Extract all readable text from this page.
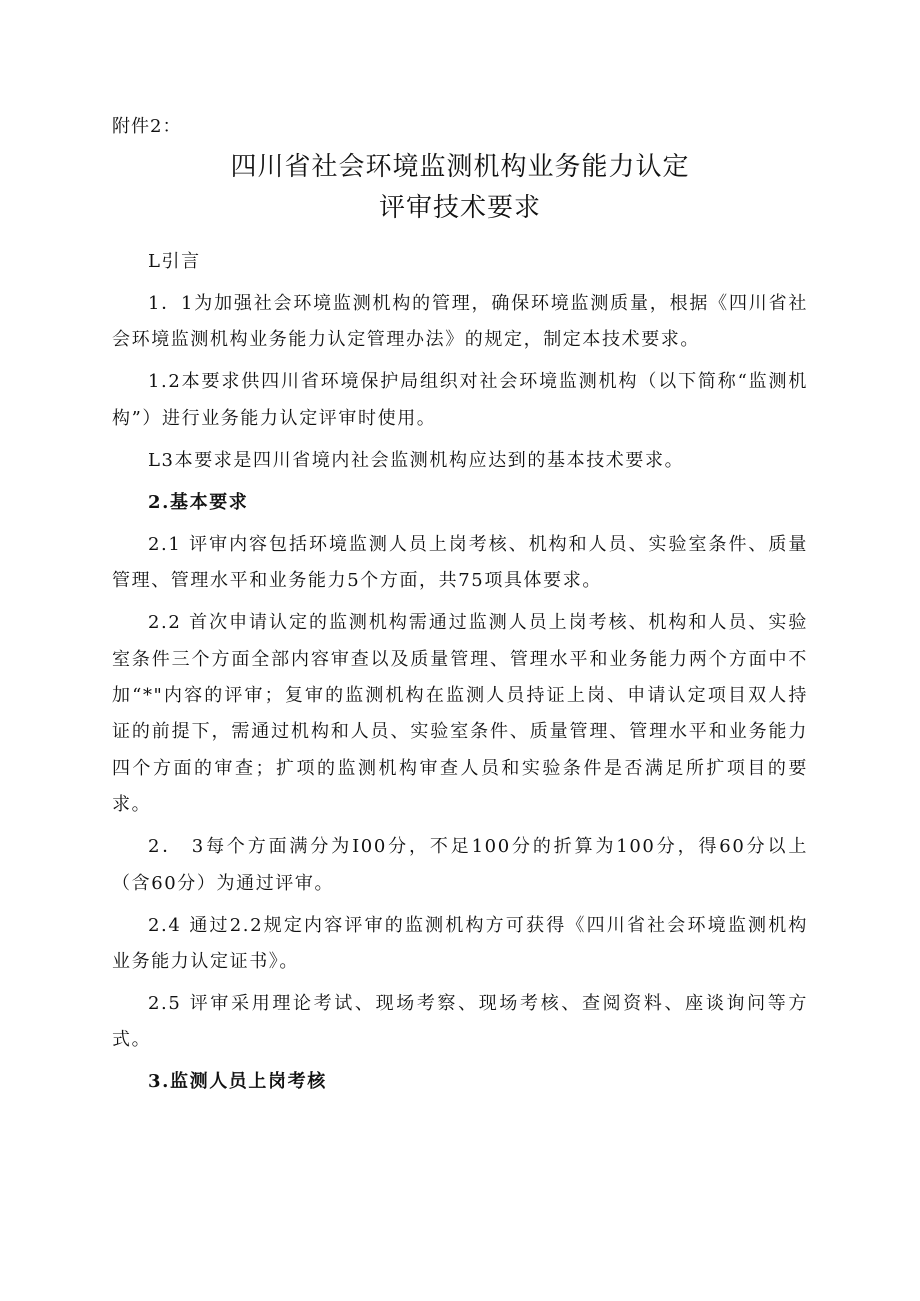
附件2：
四川省社会环境监测机构业务能力认定
评审技术要求

L引言

1．1为加强社会环境监测机构的管理，确保环境监测质量，根据《四川省社会环境监测机构业务能力认定管理办法》的规定，制定本技术要求。

1.2本要求供四川省环境保护局组织对社会环境监测机构（以下简称“监测机构”）进行业务能力认定评审时使用。

L3本要求是四川省境内社会监测机构应达到的基本技术要求。

2.基本要求

2.1 评审内容包括环境监测人员上岗考核、机构和人员、实验室条件、质量管理、管理水平和业务能力5个方面，共75项具体要求。

2.2 首次申请认定的监测机构需通过监测人员上岗考核、机构和人员、实验室条件三个方面全部内容审查以及质量管理、管理水平和业务能力两个方面中不加“*"内容的评审；复审的监测机构在监测人员持证上岗、申请认定项目双人持证的前提下，需通过机构和人员、实验室条件、质量管理、管理水平和业务能力四个方面的审查；扩项的监测机构审查人员和实验条件是否满足所扩项目的要求。

2． 3每个方面满分为I00分，不足100分的折算为100分，得60分以上（含60分）为通过评审。

2.4 通过2.2规定内容评审的监测机构方可获得《四川省社会环境监测机构业务能力认定证书》。

2.5 评审采用理论考试、现场考察、现场考核、查阅资料、座谈询问等方式。

3.监测人员上岗考核
